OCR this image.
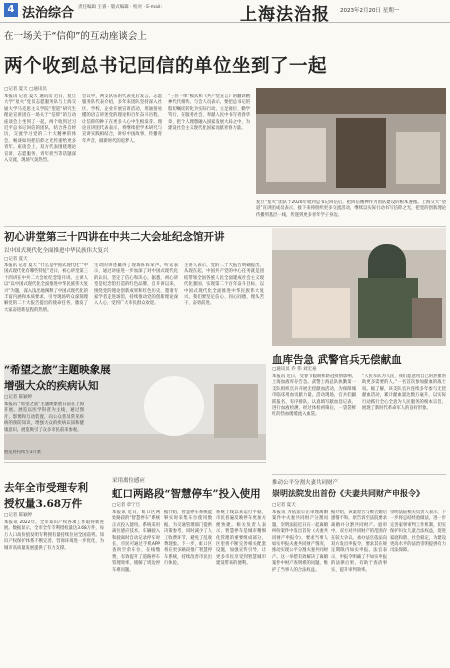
4 法治综合 责任编辑 王睿 · 版式编辑 · 校对 · E-mail:	上海法治报 2023年2月20日 星期一
在一场关于“信仰”的互动座谈会上
两个收到总书记回信的单位坐到了一起
□记者 夏天 □通讯员
本报讯 记者 夏天 通讯员 近日，复旦大学“星火”党员志愿服务队与上海交通大学马克思主义学院“望道”研究生理论宣讲团在一场关于“信仰”的互动座谈会上坐到了一起。两个收到过习近平总书记回信的团队，结合各自经历，交流学习党的二十大精神的体会，畅谈如何把信仰之光传递给更多青年。座谈会上，双方代表围绕理论宣讲、志愿服务、青年担当等话题深入交流，现场气氛热烈。
会议中，两支队伍的代表先后发言。志愿服务队代表介绍，多年来团队坚持深入社区、学校、企业开展宣讲活动，用通俗易懂的语言讲述党的理论和百年奋斗历程，让信仰的种子在更多人心中生根发芽。理论宣讲团代表表示，将继续把学术研究与宣讲实践相结合，讲好中国故事，传播青年声音，做新时代的追梦人。
“三位一体”模式和《共产党宣言》的翻译精神代代相传。与会人员表示，要把总书记的殷切嘱托转化为实际行动，立足岗位、勤学笃行，在服务社会、奉献人民中书写青春华章，把个人理想融入国家发展大局之中，为建设社会主义现代化国家贡献青春力量。
复旦“星火”团队于2020年收到总书记回信后，把回信精神作为团队建设的根本遵循。上海交大“望道”宣讲团成员表示，接下来将组织更多交流活动，继续以实际行动书写信仰之光，把党的创新理论传播到基层一线，传递到更多青年学子身边。
初心讲堂第三十四讲在中共二大会址纪念馆开讲
以中国式现代化全面推进中华民族伟大复兴
□记者 夏天
本报讯 记者 夏天 “什么是中国式现代化”“中国式现代化有哪些特征”近日，初心讲堂第三十四讲在中共二大会址纪念馆开讲。主讲人以“以中国式现代化全面推进中华民族伟大复兴”为题，深入浅出地阐释了中国式现代化的丰富内涵和本质要求，引导现场听众深刻理解党的二十大报告提出的使命任务，激发了大家奋进新征程的热情。
生动的讲述赢得了现场阵阵掌声。听众表示，通过讲座进一步加深了对中国式现代化的认识，坚定了信心和决心。据悉，初心讲堂是纪念馆打造的红色品牌，自开讲以来，围绕党的理论创新成果和红色历史，邀请专家学者走进场馆，持续推动党的创新理论深入人心，受到广大市民群众欢迎。
主讲人表示，党的二十大报告明确提出，从现在起，中国共产党的中心任务就是团结带领全国各族人民全面建成社会主义现代化强国、实现第二个百年奋斗目标，以中国式现代化全面推进中华民族伟大复兴。我们要坚定信心、同心同德，埋头苦干、奋勇前进。
血库告急 武警官兵无偿献血
□通讯员 乔 伟 刘宏豪
本报讯 近日，受春节假期和新冠疫情影响，上海血液库存告急。武警上海总队执勤第一支队组织官兵开展无偿献血活动，为保障城市临床用血贡献力量。活动现场，官兵们踊跃报名、有序排队，认真填写献血登记表、进行血液检测，经过体检初筛后，一袋袋鲜红的热血缓缓流入血袋。
“人民军队为人民，我们愿意用自己的热血帮助更多需要的人。”一名首次参加献血的战士说。据了解，该支队官兵连续多年参与无偿献血活动，累计献血量达数万毫升，以实际行动践行全心全意为人民服务的根本宗旨，展现了新时代革命军人的良好形象。
“希望之旅”主题映象展
增强大众的疾病认知
□记者 陈颖婷
本报讯 “希望之旅”主题映象展日前在上海开展。展览以医学科普为主线，通过图片、影像和互动装置，向公众普及常见疾病的预防知识，增强大众的疾病认知和健康意识。展览吸引了众多市民前来参观。
展览将持续至3月底
去年全市受理专利
授权量3.68万件
□记者 陈颖婷
本报讯 2022年，全市知识产权各项工作取得新进展。数据显示，全市全年专利授权量达3.68万件，每万人口高价值发明专利拥有量持续位居全国前列。知识产权保护体系不断完善，营商环境进一步优化，为城市高质量发展提供了有力支撑。
采用离位感应
虹口两路段“智慧停车”投入使用
□记者 章宁旦
本报讯 近日，虹口区两处路段的“智慧停车”系统正式投入使用。系统采用离位感应技术，车辆驶入和驶离时自动记录停车时长，市民可通过手机APP查询空余车位、在线缴费，有效提升了道路停车管理效率，缓解了周边停车难问题。
据介绍，智慧停车系统能够实时采集车位使用数据，为交通管理部门提供决策参考，同时减少了人工收费环节，避免了乱收费现象。下一步，虹口区将在更多路段推广智慧停车系统，持续改善市民出行体验。
系统上线以来运行平稳，市民普遍反映停车更加方便快捷。相关负责人表示，智慧停车是城市精细化管理的重要组成部分，区里将不断完善相关配套设施，加强宣传引导，让更多市民享受到智慧城市建设带来的便利。
推动公平分割夫妻共同财产
崇明法院发出首份《夫妻共同财产申报令》
□记者 夏天
本报讯 为依法公正审理离婚案件中夫妻共同财产分割问题，崇明法院近日在一起离婚纠纷案件中发出首份《夫妻共同财产申报令》，要求当事人如实申报夫妻共同财产情况，推动实现公平分割夫妻共同财产。这一举措有效解决了离婚案件中财产查明难的问题，维护了当事人的合法权益。
据介绍，该案原告与被告婚后感情不和，原告诉至法院要求离婚并分割共同财产。庭审中，双方对共同财产的范围存在较大争议。承办法官依法向双方发出申报令，要求其在规定期限内如实申报。法官表示，申报令明确了不如实申报的法律后果，有助于查清事实、提升审判效率。
崇明法院相关负责人表示，下一步将总结经验做法，进一步完善家事审判工作机制，切实保护妇女儿童合法权益，促进家庭和谐、社会稳定，为建设更高水平的法治崇明提供有力司法保障。
